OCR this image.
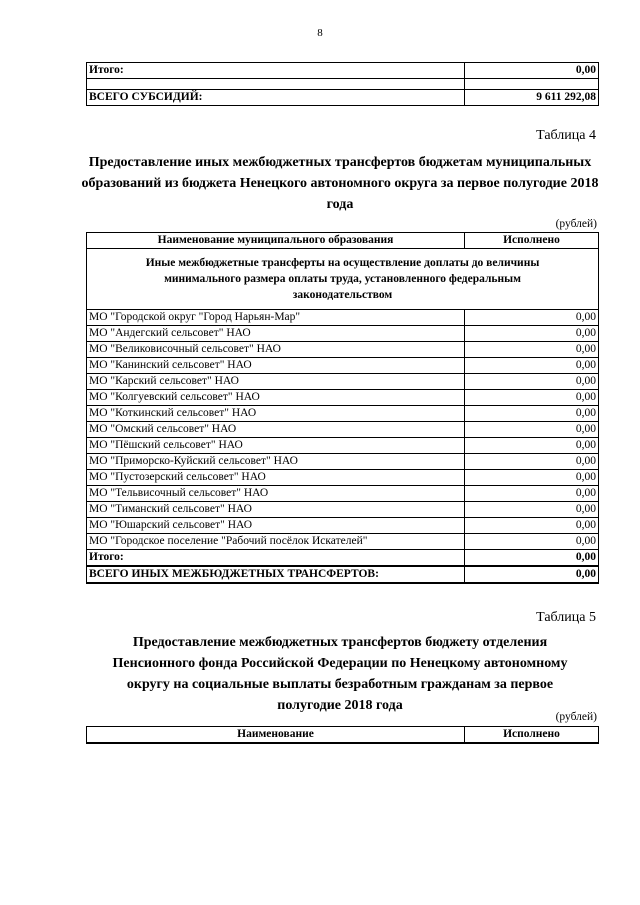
8
Итого:	0,00

ВСЕГО СУБСИДИЙ:	9 611 292,08
Таблица 4
Предоставление иных межбюджетных трансфертов бюджетам муниципальных образований из бюджета Ненецкого автономного округа за первое полугодие 2018 года
(рублей)
Наименование муниципального образования	Исполнено
Иные межбюджетные трансферты на осуществление доплаты до величины минимального размера оплаты труда, установленного федеральным законодательством	
МО "Городской округ "Город Нарьян-Мар"	0,00
МО "Андегский сельсовет" НАО	0,00
МО "Великовисочный сельсовет" НАО	0,00
МО "Канинский сельсовет" НАО	0,00
МО "Карский сельсовет" НАО	0,00
МО "Колгуевский сельсовет" НАО	0,00
МО "Коткинский сельсовет" НАО	0,00
МО "Омский сельсовет" НАО	0,00
МО "Пёшский сельсовет" НАО	0,00
МО "Приморско-Куйский сельсовет" НАО	0,00
МО "Пустозерский сельсовет" НАО	0,00
МО "Тельвисочный сельсовет" НАО	0,00
МО "Тиманский сельсовет" НАО	0,00
МО "Юшарский сельсовет" НАО	0,00
МО "Городское поселение "Рабочий посёлок Искателей"	0,00
Итого:	0,00
ВСЕГО ИНЫХ МЕЖБЮДЖЕТНЫХ ТРАНСФЕРТОВ:	0,00
Таблица 5
Предоставление межбюджетных трансфертов бюджету отделения
Пенсионного фонда Российской Федерации по Ненецкому автономному
округу на социальные выплаты безработным гражданам за первое
полугодие 2018 года
(рублей)
Наименование	Исполнено
